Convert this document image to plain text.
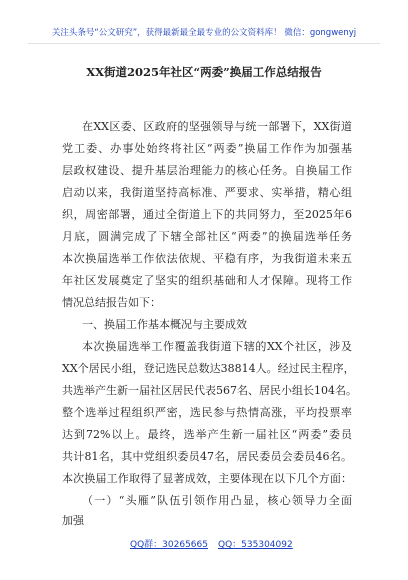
关注头条号“公文研究”，获得最新最全最专业的公文资料库！ 微信：gongwenyj
XX街道2025年社区“两委”换届工作总结报告
在XX区委、区政府的坚强领导与统一部署下，XX街道
党工委、办事处始终将社区“两委”换届工作作为加强基
层政权建设、提升基层治理能力的核心任务。自换届工作
启动以来，我街道坚持高标准、严要求、实举措，精心组
织，周密部署，通过全街道上下的共同努力，至2025年6
月底，圆满完成了下辖全部社区“两委”的换届选举任务
本次换届选举工作依法依规、平稳有序，为我街道未来五
年社区发展奠定了坚实的组织基础和人才保障。现将工作
情况总结报告如下：
一、换届工作基本概况与主要成效
本次换届选举工作覆盖我街道下辖的XX个社区，涉及
XX个居民小组，登记选民总数达38814人。经过民主程序，
共选举产生新一届社区居民代表567名、居民小组长104名。
整个选举过程组织严密，选民参与热情高涨，平均投票率
达到72%以上。最终，选举产生新一届社区“两委”委员
共计81名，其中党组织委员47名，居民委员会委员46名。
本次换届工作取得了显著成效，主要体现在以下几个方面：
（一）“头雁”队伍引领作用凸显，核心领导力全面
加强
QQ群：30265665 QQ：535304092
